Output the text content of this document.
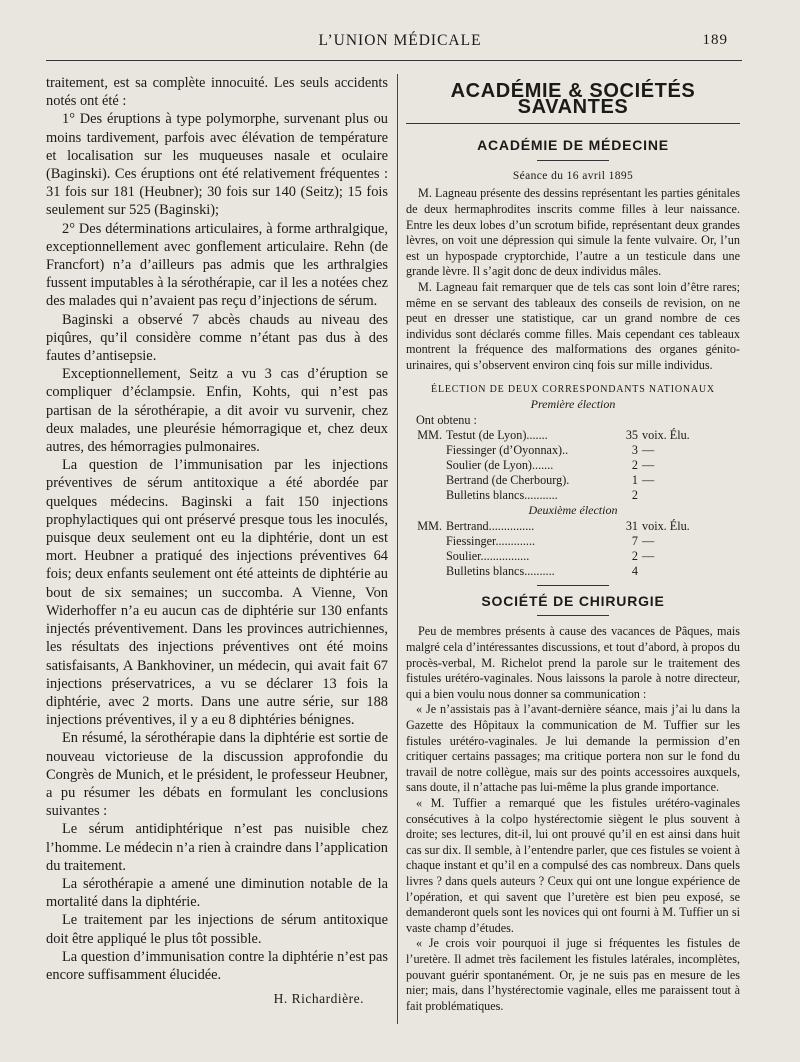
L’UNION MÉDICALE	189

traitement, est sa complète innocuité. Les seuls accidents notés ont été :

1° Des éruptions à type polymorphe, survenant plus ou moins tardivement, parfois avec élévation de température et localisation sur les muqueuses nasale et oculaire (Baginski). Ces éruptions ont été relativement fréquentes : 31 fois sur 181 (Heubner); 30 fois sur 140 (Seitz); 15 fois seulement sur 525 (Baginski);

2° Des déterminations articulaires, à forme arthralgique, exceptionnellement avec gonflement articulaire. Rehn (de Francfort) n’a d’ailleurs pas admis que les arthralgies fussent imputables à la sérothérapie, car il les a notées chez des malades qui n’avaient pas reçu d’injections de sérum.

Baginski a observé 7 abcès chauds au niveau des piqûres, qu’il considère comme n’étant pas dus à des fautes d’antisepsie.

Exceptionnellement, Seitz a vu 3 cas d’éruption se compliquer d’éclampsie. Enfin, Kohts, qui n’est pas partisan de la sérothérapie, a dit avoir vu survenir, chez deux malades, une pleurésie hémorragique et, chez deux autres, des hémorragies pulmonaires.

La question de l’immunisation par les injections préventives de sérum antitoxique a été abordée par quelques médecins. Baginski a fait 150 injections prophylactiques qui ont préservé presque tous les inoculés, puisque deux seulement ont eu la diphtérie, dont un est mort. Heubner a pratiqué des injections préventives 64 fois; deux enfants seulement ont été atteints de diphtérie au bout de six semaines; un succomba. A Vienne, Von Widerhoffer n’a eu aucun cas de diphtérie sur 130 enfants injectés préventivement. Dans les provinces autrichiennes, les résultats des injections préventives ont été moins satisfaisants, A Bankhoviner, un médecin, qui avait fait 67 injections préservatrices, a vu se déclarer 13 fois la diphtérie, avec 2 morts. Dans une autre série, sur 188 injections préventives, il y a eu 8 diphtéries bénignes.

En résumé, la sérothérapie dans la diphtérie est sortie de nouveau victorieuse de la discussion approfondie du Congrès de Munich, et le président, le professeur Heubner, a pu résumer les débats en formulant les conclusions suivantes :

Le sérum antidiphtérique n’est pas nuisible chez l’homme. Le médecin n’a rien à craindre dans l’application du traitement.

La sérothérapie a amené une diminution notable de la mortalité dans la diphtérie.

Le traitement par les injections de sérum antitoxique doit être appliqué le plus tôt possible.

La question d’immunisation contre la diphtérie n’est pas encore suffisamment élucidée.

H. Richardière.
ACADÉMIE & SOCIÉTÉS SAVANTES
ACADÉMIE DE MÉDECINE
Séance du 16 avril 1895

M. Lagneau présente des dessins représentant les parties génitales de deux hermaphrodites inscrits comme filles à leur naissance. Entre les deux lobes d’un scrotum bifide, représentant deux grandes lèvres, on voit une dépression qui simule la fente vulvaire. Or, l’un est un hypospade cryptorchide, l’autre a un testicule dans une grande lèvre. Il s’agit donc de deux individus mâles.

M. Lagneau fait remarquer que de tels cas sont loin d’être rares; même en se servant des tableaux des conseils de revision, on ne peut en dresser une statistique, car un grand nombre de ces individus sont déclarés comme filles. Mais cependant ces tableaux montrent la fréquence des malformations des organes génito-urinaires, qui s’observent environ cinq fois sur mille individus.

ÉLECTION DE DEUX CORRESPONDANTS NATIONAUX
Première élection
Ont obtenu :
MM.	Testut (de Lyon).......	35	voix. Élu.
	Fiessinger (d’Oyonnax)..	3	—
	Soulier (de Lyon).......	2	—
	Bertrand (de Cherbourg).	1	—
	Bulletins blancs...........	2	
Deuxième élection
MM.	Bertrand...............	31	voix. Élu.
	Fiessinger.............	7	—
	Soulier................	2	—
	Bulletins blancs..........	4	
SOCIÉTÉ DE CHIRURGIE

Peu de membres présents à cause des vacances de Pâques, mais malgré cela d’intéressantes discussions, et tout d’abord, à propos du procès-verbal, M. Richelot prend la parole sur le traitement des fistules urétéro-vaginales. Nous laissons la parole à notre directeur, qui a bien voulu nous donner sa communication :

« Je n’assistais pas à l’avant-dernière séance, mais j’ai lu dans la Gazette des Hôpitaux la communication de M. Tuffier sur les fistules urétéro-vaginales. Je lui demande la permission d’en critiquer certains passages; ma critique portera non sur le fond du travail de notre collègue, mais sur des points accessoires auxquels, sans doute, il n’attache pas lui-même la plus grande importance.

« M. Tuffier a remarqué que les fistules urétéro-vaginales consécutives à la colpo hystérectomie siègent le plus souvent à droite; ses lectures, dit-il, lui ont prouvé qu’il en est ainsi dans huit cas sur dix. Il semble, à l’entendre parler, que ces fistules se voient à chaque instant et qu’il en a compulsé des cas nombreux. Dans quels livres ? dans quels auteurs ? Ceux qui ont une longue expérience de l’opération, et qui savent que l’uretère est bien peu exposé, se demanderont quels sont les novices qui ont fourni à M. Tuffier un si vaste champ d’études.

« Je crois voir pourquoi il juge si fréquentes les fistules de l’uretère. Il admet très facilement les fistules latérales, incomplètes, pouvant guérir spontanément. Or, je ne suis pas en mesure de les nier; mais, dans l’hystérectomie vaginale, elles me paraissent tout à fait problématiques.
